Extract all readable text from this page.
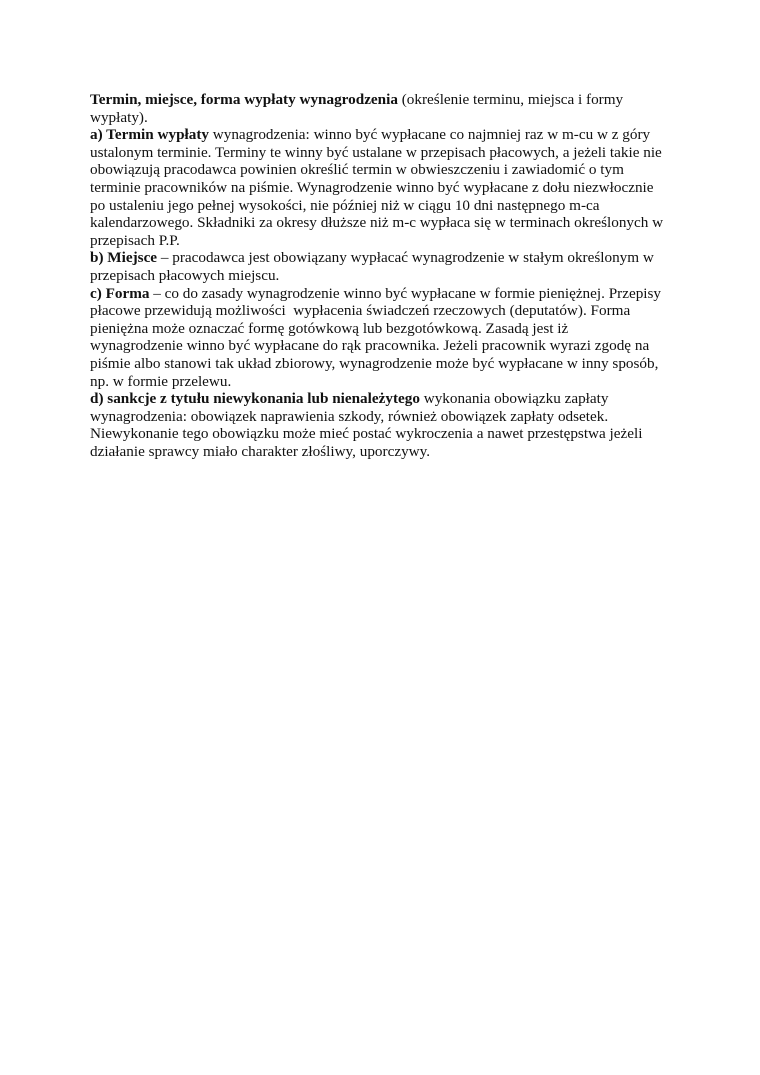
Termin, miejsce, forma wypłaty wynagrodzenia (określenie terminu, miejsca i formy
wypłaty).
a) Termin wypłaty wynagrodzenia: winno być wypłacane co najmniej raz w m-cu w z góry
ustalonym terminie. Terminy te winny być ustalane w przepisach płacowych, a jeżeli takie nie
obowiązują pracodawca powinien określić termin w obwieszczeniu i zawiadomić o tym
terminie pracowników na piśmie. Wynagrodzenie winno być wypłacane z dołu niezwłocznie
po ustaleniu jego pełnej wysokości, nie później niż w ciągu 10 dni następnego m-ca
kalendarzowego. Składniki za okresy dłuższe niż m-c wypłaca się w terminach określonych w
przepisach P.P.
b) Miejsce – pracodawca jest obowiązany wypłacać wynagrodzenie w stałym określonym w
przepisach płacowych miejscu.
c) Forma – co do zasady wynagrodzenie winno być wypłacane w formie pieniężnej. Przepisy
płacowe przewidują możliwości  wypłacenia świadczeń rzeczowych (deputatów). Forma
pieniężna może oznaczać formę gotówkową lub bezgotówkową. Zasadą jest iż
wynagrodzenie winno być wypłacane do rąk pracownika. Jeżeli pracownik wyrazi zgodę na
piśmie albo stanowi tak układ zbiorowy, wynagrodzenie może być wypłacane w inny sposób,
np. w formie przelewu.
d) sankcje z tytułu niewykonania lub nienależytego wykonania obowiązku zapłaty
wynagrodzenia: obowiązek naprawienia szkody, również obowiązek zapłaty odsetek.
Niewykonanie tego obowiązku może mieć postać wykroczenia a nawet przestępstwa jeżeli
działanie sprawcy miało charakter złośliwy, uporczywy.
